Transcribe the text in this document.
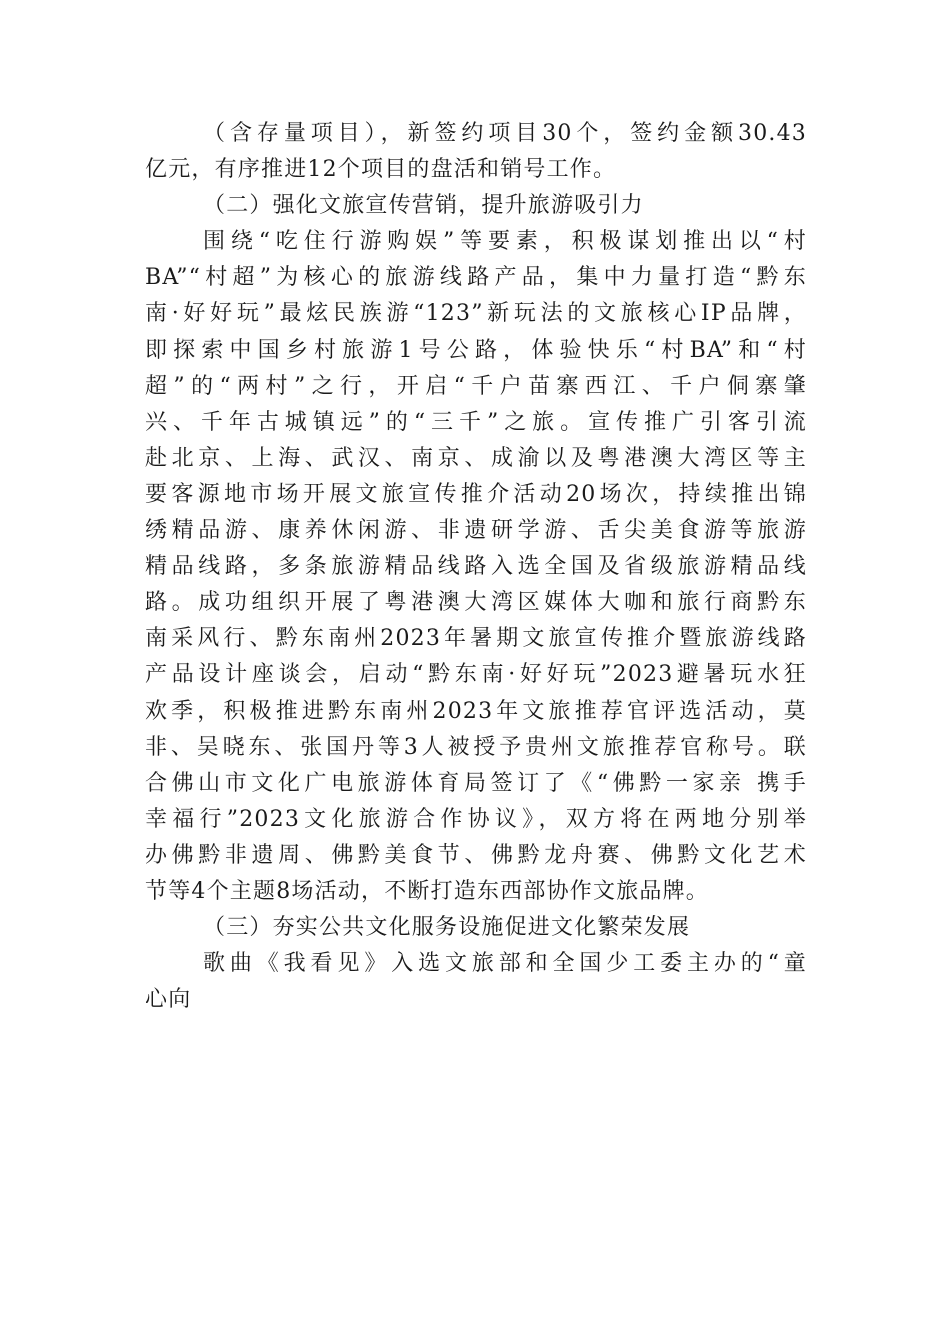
（含存量项目），新签约项目30个，签约金额30.43
亿元，有序推进12个项目的盘活和销号工作。
（二）强化文旅宣传营销，提升旅游吸引力
围绕“吃住行游购娱”等要素，积极谋划推出以“村
BA”“村超”为核心的旅游线路产品，集中力量打造“黔东
南·好好玩”最炫民族游“123”新玩法的文旅核心IP品牌，
即探索中国乡村旅游1号公路，体验快乐“村BA”和“村
超”的“两村”之行，开启“千户苗寨西江、千户侗寨肇
兴、千年古城镇远”的“三千”之旅。宣传推广引客引流
赴北京、上海、武汉、南京、成渝以及粤港澳大湾区等主
要客源地市场开展文旅宣传推介活动20场次，持续推出锦
绣精品游、康养休闲游、非遗研学游、舌尖美食游等旅游
精品线路，多条旅游精品线路入选全国及省级旅游精品线
路。成功组织开展了粤港澳大湾区媒体大咖和旅行商黔东
南采风行、黔东南州2023年暑期文旅宣传推介暨旅游线路
产品设计座谈会，启动“黔东南·好好玩”2023避暑玩水狂
欢季，积极推进黔东南州2023年文旅推荐官评选活动，莫
非、吴晓东、张国丹等3人被授予贵州文旅推荐官称号。联
合佛山市文化广电旅游体育局签订了《“佛黔一家亲 携手
幸福行”2023文化旅游合作协议》，双方将在两地分别举
办佛黔非遗周、佛黔美食节、佛黔龙舟赛、佛黔文化艺术
节等4个主题8场活动，不断打造东西部协作文旅品牌。
（三）夯实公共文化服务设施促进文化繁荣发展
歌曲《我看见》入选文旅部和全国少工委主办的“童
心向
